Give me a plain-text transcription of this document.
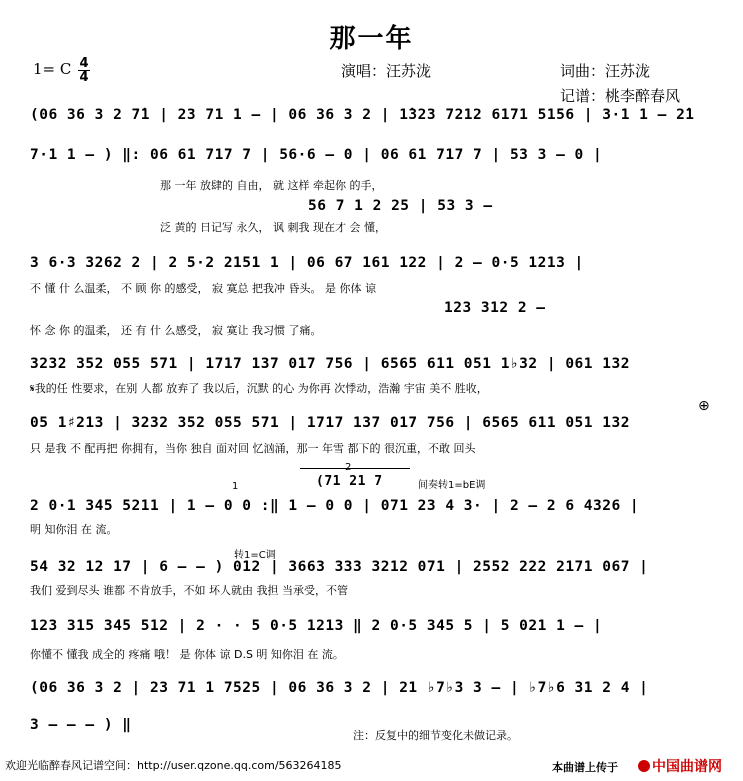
那一年
1= C 4
4	演唱：汪苏泷	词曲：汪苏泷
记谱：桃李醉春风
(06 36 3 2 7̇1 | 23 71 1 – | 06 36 3 2 | 1̇323 7212 6171 5156 | 3·1 1 – 2̇1
7·1 1 – ) ‖: 06 61 717 7 | 56·6 – 0 | 06 61 717 7 | 53 3 – 0 |
那 一年 放肆的 自由， 就 这样 牵起你 的手，
56 7 1 2 25 | 53 3 –
泛 黄的 日记写 永久， 讽 刺我 现在才 会 懂，
3 6·3 3262 2 | 2 5·2 2151 1 | 06 67 161 122 | 2 – 0·5 1213 |
不 懂 什 么温柔， 不 顾 你 的感受， 寂 寞总 把我冲 昏头。 是 你体 谅
123 312 2 –
怀 念 你 的温柔， 还 有 什 么感受， 寂 寞让 我习惯 了痛。
3232 352 055 571 | 1717 137 017 756 | 6565 611 051 1♭32 | 061 132
𝄋我的任 性要求，在别 人都 放弃了 我以后，沉默 的心 为你再 次悸动，浩瀚 宇宙 美不 胜收，
05 1♯213 | 3232 352 055 571 | 1717 137 017 756 | 6565 611 051 132
只 是我 不 配再把 你拥有，当你 独自 面对回 忆汹涌，那一 年雪 都下的 很沉重，不敢 回头
2 0·1 345 5211 | 1 – 0 0 :‖ 1 – 0 0 | 071 23 4 3· | 2 – 2 6 4326 |
明 知你泪 在 流。
54 32 12 17 | 6 – – ) 012 | 3663 333 3212 071 | 2552 222 2171 067 |
我们 爱到尽头 谁都 不肯放手，不如 坏人就由 我担 当承受，不管
123 315 345 512 | 2 · · 5 0·5 1213 ‖ 2 0·5 345 5 | 5 021 1 – |
你懂不 懂我 成全的 疼痛 哦！ 是 你体 谅 D.S 明 知你泪 在 流。
(06 36 3 2 | 23 71 1 7525 | 06 36 3 2 | 21 ♭7♭3 3 – | ♭7♭6 31 2 4 |
3 – – – ) ‖
⊕
(71 21 7	间奏转1=bE调
转1=C调
1
2
注：反复中的细节变化未做记录。
欢迎光临醉春风记谱空间：http://user.qzone.qq.com/563264185	本曲谱上传于	中国曲谱网
